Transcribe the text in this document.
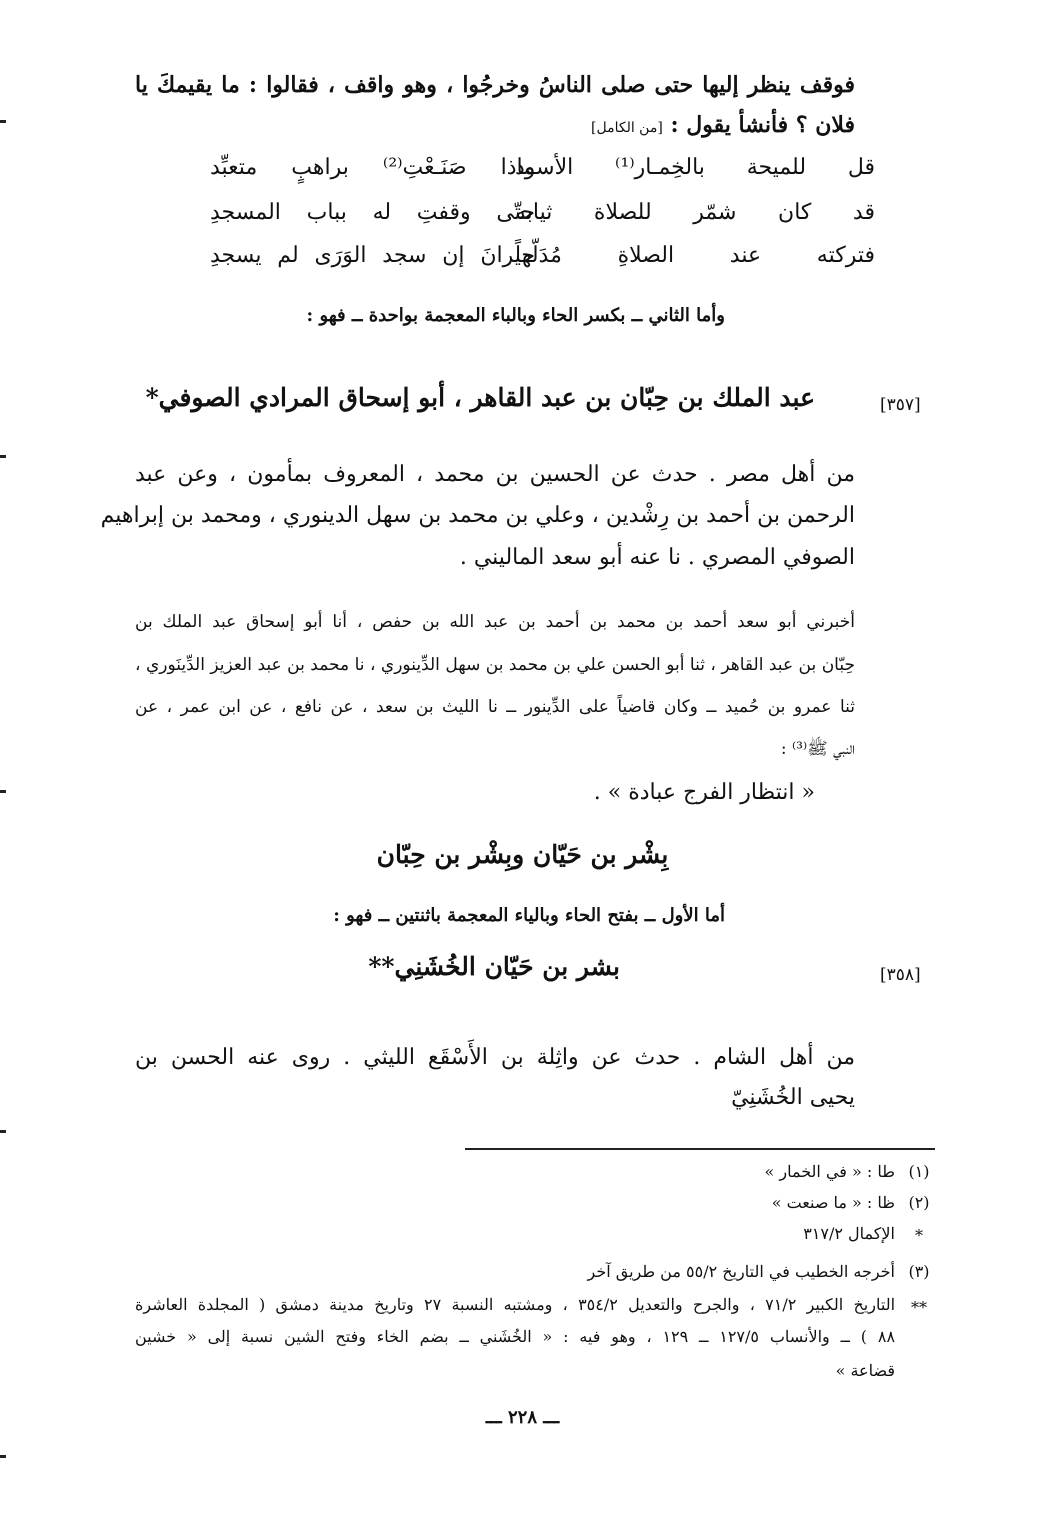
فوقف ينظر إليها حتى صلى الناسُ وخرجُوا ، وهو واقف ، فقالوا : ما يقيمكَ يا
فلان ؟ فأنشأ يقول : [من الكامل]
قل للميحة بالخِمـار⁽¹⁾ الأسود
ماذا صَنَـعْتِ⁽²⁾ براهبٍ متعبِّد
قد كان شمّر للصلاة ثيابه
حتّى وقفتِ له بباب المسجدِ
فتركته عند الصلاةِ مُدَلّهاً
حيرانَ إن سجد الوَرَى لم يسجدِ
وأما الثاني ــ بكسر الحاء وبالباء المعجمة بواحدة ــ فهو :
[٣٥٧]
عبد الملك بن حِبّان بن عبد القاهر ، أبو إسحاق المرادي الصوفي*
من أهل مصر . حدث عن الحسين بن محمد ، المعروف بمأمون ، وعن عبد
الرحمن بن أحمد بن رِشْدين ، وعلي بن محمد بن سهل الدينوري ، ومحمد بن إبراهيم
الصوفي المصري . نا عنه أبو سعد الماليني .
أخبرني أبو سعد أحمد بن محمد بن أحمد بن عبد الله بن حفص ، أنا أبو إسحاق عبد الملك بن
حِبّان بن عبد القاهر ، ثنا أبو الحسن علي بن محمد بن سهل الدِّينوري ، نا محمد بن عبد العزيز الدِّينَوري ،
ثنا عمرو بن حُميد ــ وكان قاضياً على الدِّينور ــ نا الليث بن سعد ، عن نافع ، عن ابن عمر ، عن
النبي ﷺ⁽³⁾ :
« انتظار الفرج عبادة » .
بِشْر بن حَيّان وبِشْر بن حِبّان
أما الأول ــ بفتح الحاء وبالياء المعجمة باثنتين ــ فهو :
[٣٥٨]
بشر بن حَيّان الخُشَنِي**
من أهل الشام . حدث عن واثِلة بن الأَسْقَع الليثي . روى عنه الحسن بن
يحيى الخُشَنِيّ
(١)
طا : « في الخمار »
(٢)
ظا : « ما صنعت »
*
الإكمال ٣١٧/٢
(٣)
أخرجه الخطيب في التاريخ ٥٥/٢ من طريق آخر
**
التاريخ الكبير ٧١/٢ ، والجرح والتعديل ٣٥٤/٢ ، ومشتبه النسبة ٢٧ وتاريخ مدينة دمشق ( المجلدة العاشرة
٨٨ ) ــ والأنساب ١٢٧/٥ ــ ١٢٩ ، وهو فيه : « الخُشَني ــ بضم الخاء وفتح الشين نسبة إلى « خشين
قضاعة »
ـــ ٢٢٨ ـــ
